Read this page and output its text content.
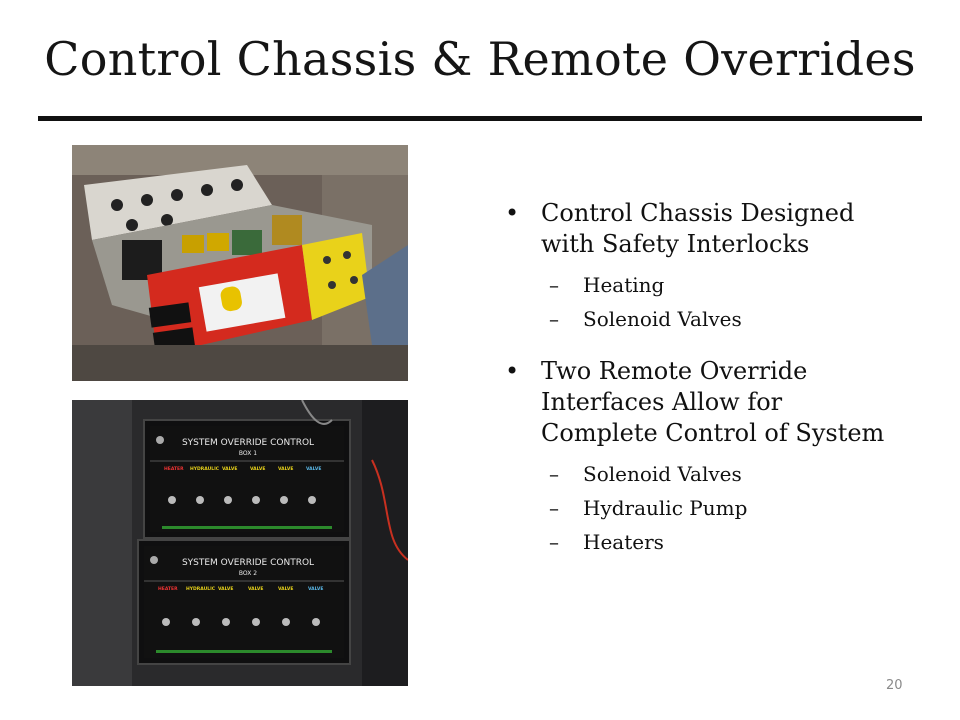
Control Chassis & Remote Overrides
SYSTEM OVERRIDE CONTROL
BOX 1
HEATER HYDRAULIC VALVE	VALVE	VALVE	VALVE
SYSTEM OVERRIDE CONTROL
BOX 2
HEATER HYDRAULIC VALVE	VALVE	VALVE	VALVE
• Control Chassis Designed with Safety Interlocks
– Heating
– Solenoid Valves
• Two Remote Override Interfaces Allow for Complete Control of System
– Solenoid Valves
– Hydraulic Pump
– Heaters
20
